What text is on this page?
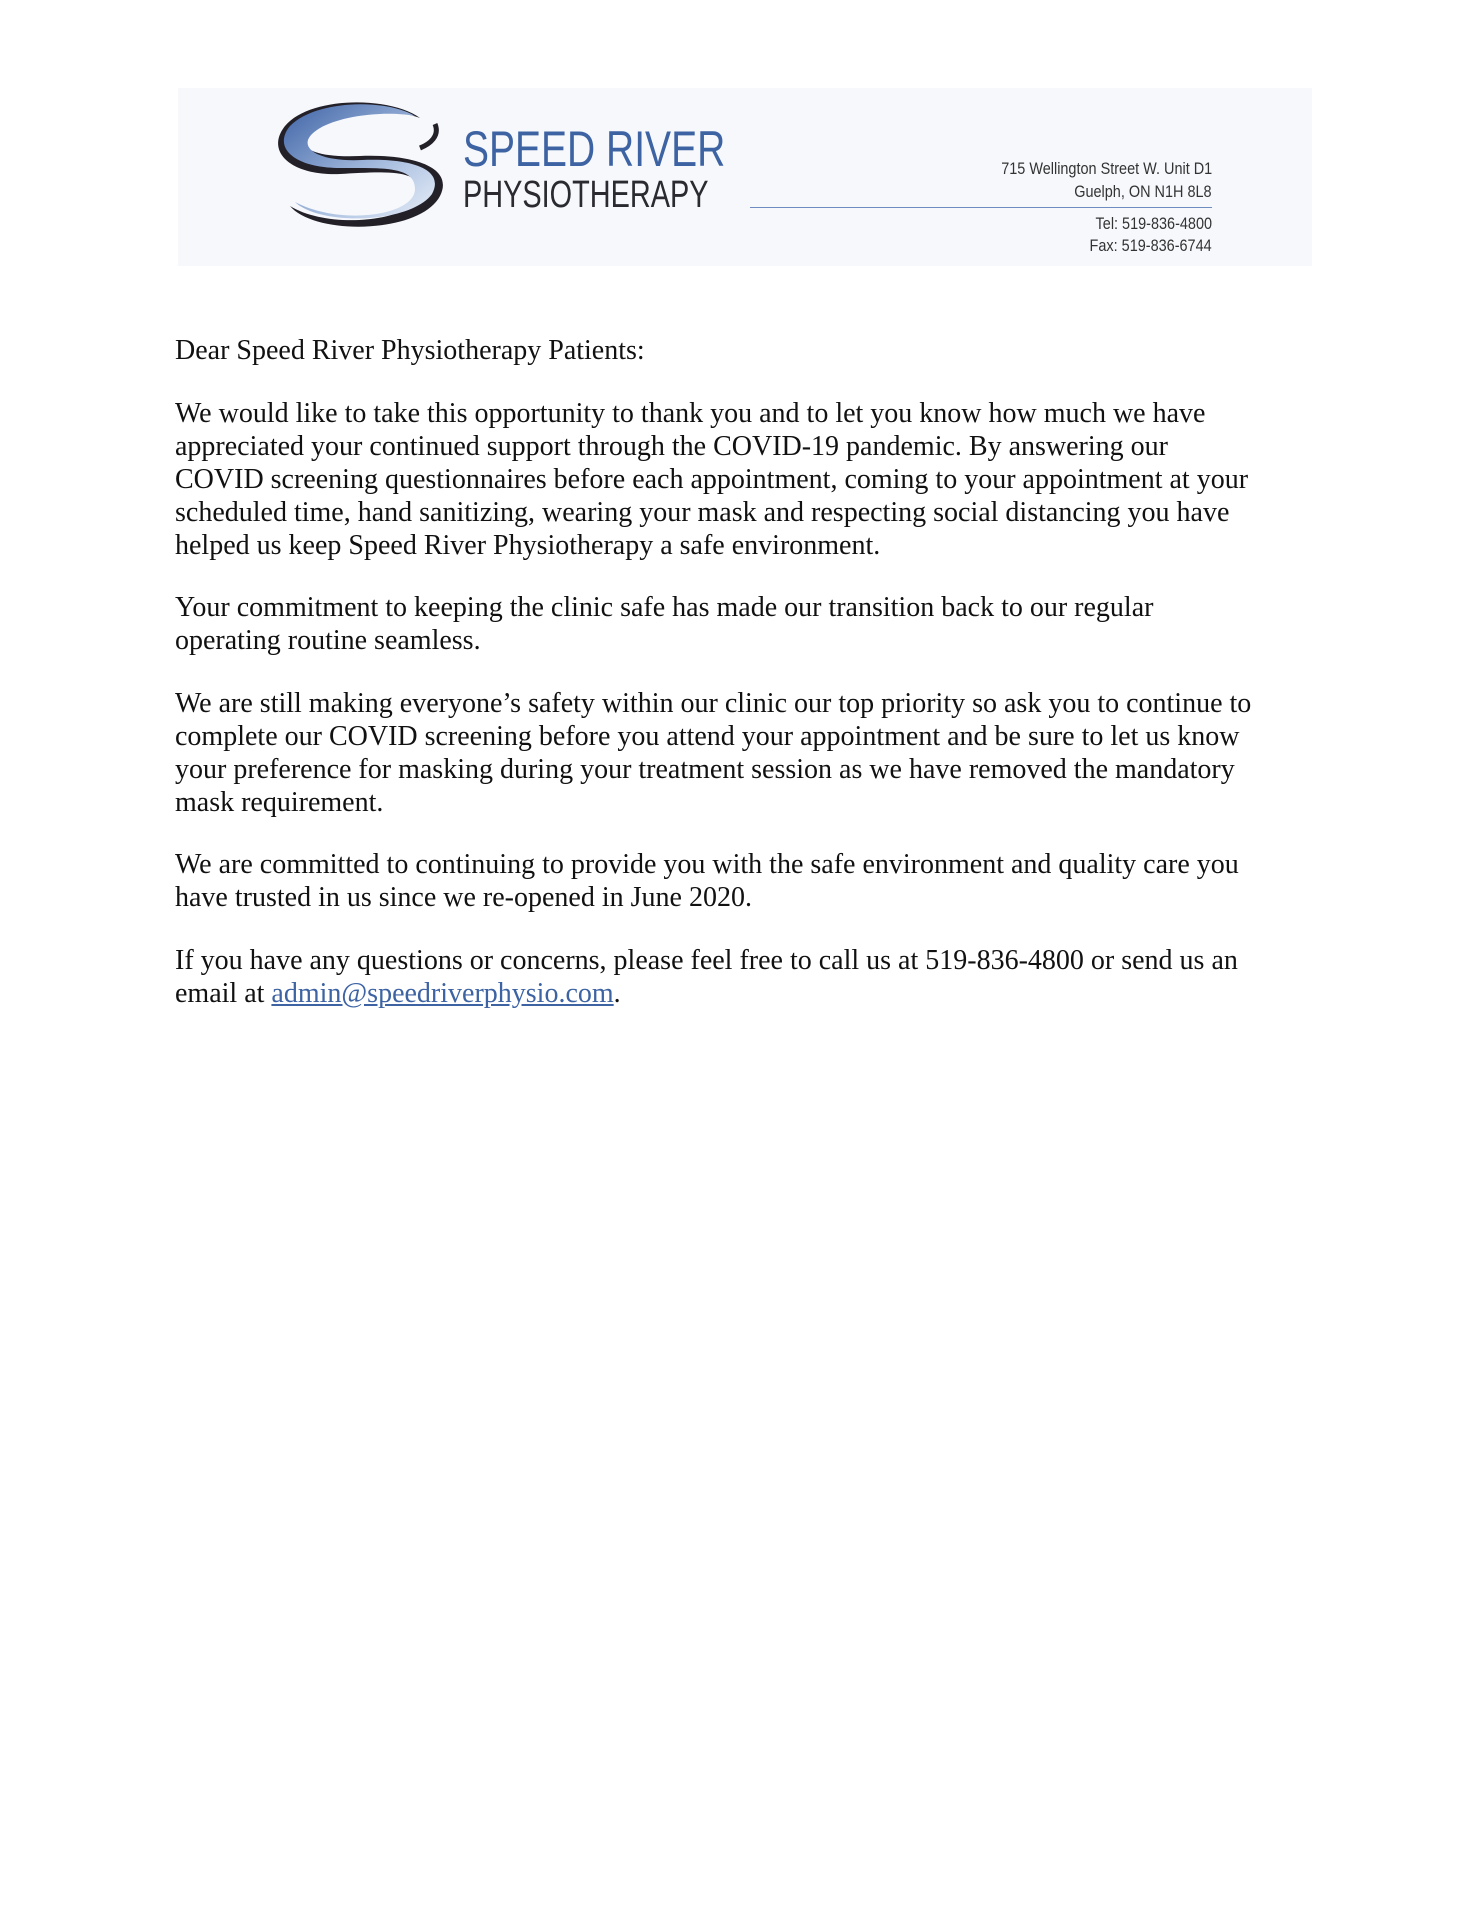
SPEED RIVER
PHYSIOTHERAPY
715 Wellington Street W. Unit D1
Guelph, ON N1H 8L8
Tel: 519-836-4800
Fax: 519-836-6744

Dear Speed River Physiotherapy Patients:

We would like to take this opportunity to thank you and to let you know how much we have
appreciated your continued support through the COVID-19 pandemic. By answering our
COVID screening questionnaires before each appointment, coming to your appointment at your
scheduled time, hand sanitizing, wearing your mask and respecting social distancing you have
helped us keep Speed River Physiotherapy a safe environment.

Your commitment to keeping the clinic safe has made our transition back to our regular
operating routine seamless.

We are still making everyone’s safety within our clinic our top priority so ask you to continue to
complete our COVID screening before you attend your appointment and be sure to let us know
your preference for masking during your treatment session as we have removed the mandatory
mask requirement.

We are committed to continuing to provide you with the safe environment and quality care you
have trusted in us since we re-opened in June 2020.

If you have any questions or concerns, please feel free to call us at 519-836-4800 or send us an
email at admin@speedriverphysio.com.
